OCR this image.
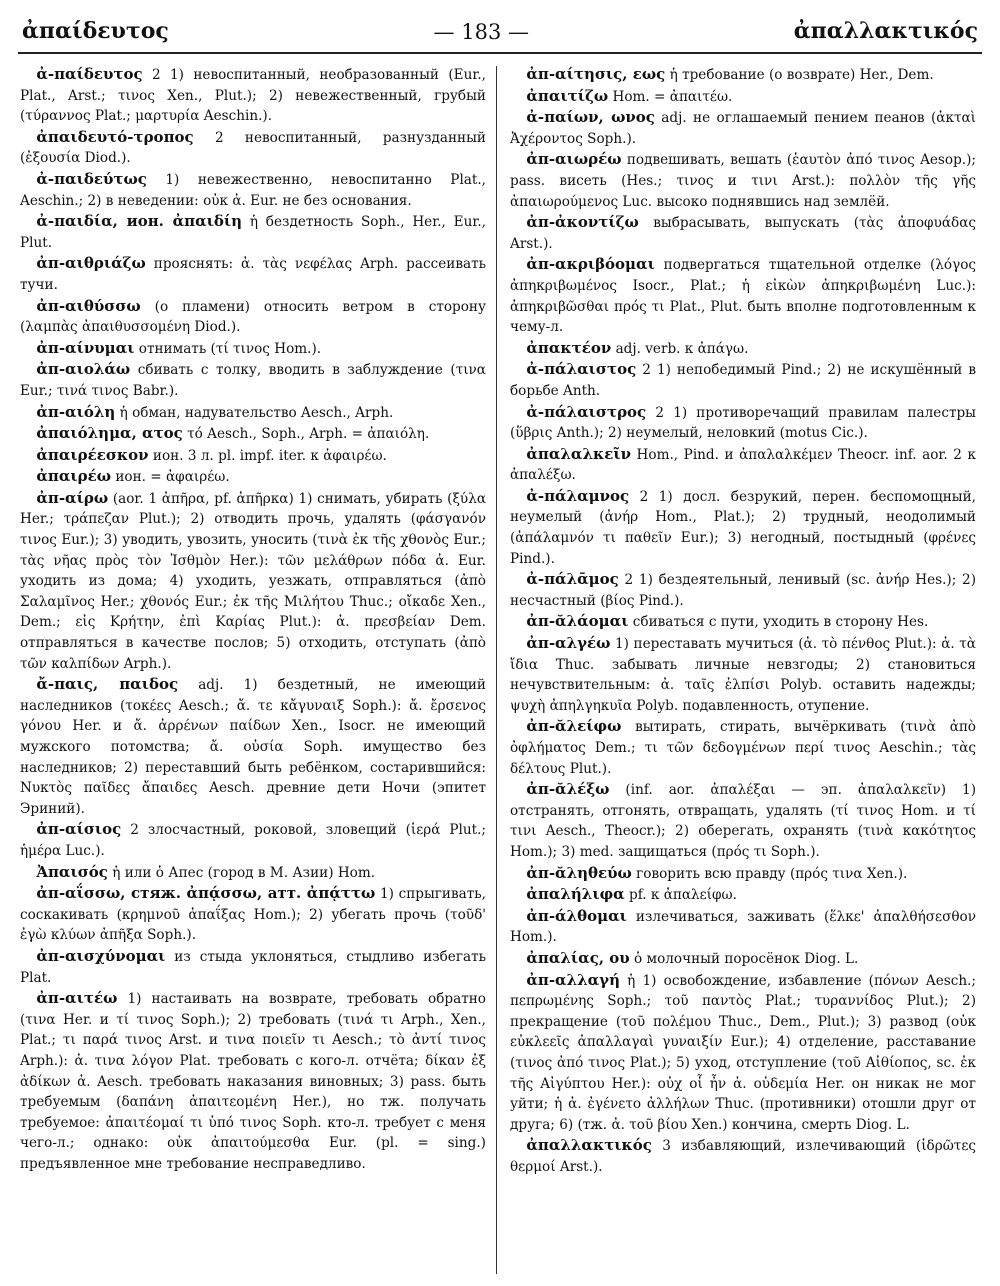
ἀπαίδευτος	— 183 —	ἀπαλλακτικός

ἀ-παίδευτος 2 1) невоспитанный, необразованный (Eur., Plat., Arst.; τινος Xen., Plut.); 2) невежественный, грубый (τύραννος Plat.; μαρτυρία Aeschin.).

ἀπαιδευτό-τροπος 2 невоспитанный, разнузданный (ἐξουσία Diod.).

ἀ-παιδεύτως 1) невежественно, невоспитанно Plat., Aeschin.; 2) в неведении: οὐκ ἀ. Eur. не без основания.

ἀ-παιδία, ион. ἀπαιδίη ἡ бездетность Soph., Her., Eur., Plut.

ἀπ-αιθριάζω прояснять: ἀ. τὰς νεφέλας Arph. рассеивать тучи.

ἀπ-αιθύσσω (о пламени) относить ветром в сторону (λαμπὰς ἀπαιθυσσομένη Diod.).

ἀπ-αίνυμαι отнимать (τί τινος Hom.).

ἀπ-αιολάω сбивать с толку, вводить в заблуждение (τινα Eur.; τινά τινος Babr.).

ἀπ-αιόλη ἡ обман, надувательство Aesch., Arph.

ἀπαιόλημα, ατος τό Aesch., Soph., Arph. = ἀπαιόλη.

ἀπαιρέεσκον ион. 3 л. pl. impf. iter. к ἀφαιρέω.

ἀπαιρέω ион. = ἀφαιρέω.

ἀπ-αίρω (aor. 1 ἀπῆρα, pf. ἀπῆρκα) 1) снимать, убирать (ξύλα Her.; τράπεζαν Plut.); 2) отводить прочь, удалять (φάσγανόν τινος Eur.); 3) уводить, увозить, уносить (τινὰ ἐκ τῆς χθονὸς Eur.; τὰς νῆας πρὸς τὸν Ἰσθμὸν Her.): τῶν μελάθρων πόδα ἀ. Eur. уходить из дома; 4) уходить, уезжать, отправляться (ἀπὸ Σαλαμῖνος Her.; χθονός Eur.; ἐκ τῆς Μιλήτου Thuc.; οἴκαδε Xen., Dem.; εἰς Κρήτην, ἐπὶ Καρίας Plut.): ἀ. πρεσβείαν Dem. отправляться в качестве послов; 5) отходить, отступать (ἀπὸ τῶν καλπίδων Arph.).

ἄ-παις, παιδος adj. 1) бездетный, не имеющий наследников (τοκέες Aesch.; ἄ. τε κἄγυναιξ Soph.): ἄ. ἔρσενος γόνου Her. и ἄ. ἀρρένων παίδων Xen., Isocr. не имеющий мужского потомства; ἄ. οὐσία Soph. имущество без наследников; 2) переставший быть ребёнком, состарившийся: Νυκτὸς παῖδες ἄπαιδες Aesch. древние дети Ночи (эпитет Эриний).

ἀπ-αίσιος 2 злосчастный, роковой, зловещий (ἱερά Plut.; ἡμέρα Luc.).

Ἀπαισός ἡ или ὁ Апес (город в М. Азии) Hom.

ἀπ-αΐσσω, стяж. ἀπᾴσσω, атт. ἀπᾴττω 1) спрыгивать, соскакивать (κρημνοῦ ἀπαΐξας Hom.); 2) убегать прочь (τοῦδ' ἐγὼ κλύων ἀπῆξα Soph.).

ἀπ-αισχύνομαι из стыда уклоняться, стыдливо избегать Plat.

ἀπ-αιτέω 1) настаивать на возврате, требовать обратно (τινα Her. и τί τινος Soph.); 2) требовать (τινά τι Arph., Xen., Plat.; τι παρά τινος Arst. и τινα ποιεῖν τι Aesch.; τὸ ἀντί τινος Arph.): ἀ. τινα λόγον Plat. требовать с кого-л. отчёта; δίκαν ἐξ ἀδίκων ἀ. Aesch. требовать наказания виновных; 3) pass. быть требуемым (δαπάνη ἀπαιτεομένη Her.), но тж. получать требуемое: ἀπαιτέομαί τι ὑπό τινος Soph. кто-л. требует с меня чего-л.; однако: οὐκ ἀπαιτούμεσθα Eur. (pl. = sing.) предъявленное мне требование несправедливо.

ἀπ-αίτησις, εως ἡ требование (о возврате) Her., Dem.

ἀπαιτίζω Hom. = ἀπαιτέω.

ἀ-παίων, ωνος adj. не оглашаемый пением пеанов (ἀκταὶ Ἀχέροντος Soph.).

ἀπ-αιωρέω подвешивать, вешать (ἑαυτὸν ἀπό τινος Aesop.); pass. висеть (Hes.; τινος и τινι Arst.): πολλὸν τῆς γῆς ἀπαιωρούμενος Luc. высоко поднявшись над землёй.

ἀπ-ἀκοντίζω выбрасывать, выпускать (τὰς ἀποφυάδας Arst.).

ἀπ-ακριβόομαι подвергаться тщательной отделке (λόγος ἀπηκριβωμένος Isocr., Plat.; ἡ εἰκὼν ἀπηκριβωμένη Luc.): ἀπηκριβῶσθαι πρός τι Plat., Plut. быть вполне подготовленным к чему-л.

ἀπακτέον adj. verb. к ἀπάγω.

ἀ-πάλαιστος 2 1) непобедимый Pind.; 2) не искушённый в борьбе Anth.

ἀ-πάλαιστρος 2 1) противоречащий правилам палестры (ὕβρις Anth.); 2) неумелый, неловкий (motus Cic.).

ἀπαλαλκεῖν Hom., Pind. и ἀπαλαλκέμεν Theocr. inf. aor. 2 к ἀπαλέξω.

ἀ-πάλαμνος 2 1) досл. безрукий, перен. беспомощный, неумелый (ἀνήρ Hom., Plat.); 2) трудный, неодолимый (ἀπάλαμνόν τι παθεῖν Eur.); 3) негодный, постыдный (φρένες Pind.).

ἀ-πάλᾱμος 2 1) бездеятельный, ленивый (sc. ἀνήρ Hes.); 2) несчастный (βίος Pind.).

ἀπ-ᾰλάομαι сбиваться с пути, уходить в сторону Hes.

ἀπ-αλγέω 1) переставать мучиться (ἀ. τὸ πένθος Plut.): ἀ. τὰ ἴδια Thuc. забывать личные невзгоды; 2) становиться нечувствительным: ἀ. ταῖς ἐλπίσι Polyb. оставить надежды; ψυχὴ ἀπηλγηκυῖα Polyb. подавленность, отупение.

ἀπ-ᾰλείφω вытирать, стирать, вычёркивать (τινὰ ἀπὸ ὀφλήματος Dem.; τι τῶν δεδογμένων περί τινος Aeschin.; τὰς δέλτους Plut.).

ἀπ-ᾰλέξω (inf. aor. ἀπαλέξαι — эп. ἀπαλαλκεῖν) 1) отстранять, отгонять, отвращать, удалять (τί τινος Hom. и τί τινι Aesch., Theocr.); 2) оберегать, охранять (τινὰ κακότητος Hom.); 3) med. защищаться (πρός τι Soph.).

ἀπ-ᾰληθεύω говорить всю правду (πρός τινα Xen.).

ἀπαλήλιφα pf. к ἀπαλείφω.

ἀπ-άλθομαι излечиваться, заживать (ἕλκε' ἀπαλθήσεσθον Hom.).

ἀπαλίας, ου ὁ молочный поросёнок Diog. L.

ἀπ-αλλαγή ἡ 1) освобождение, избавление (πόνων Aesch.; πεπρωμένης Soph.; τοῦ παντὸς Plat.; τυραννίδος Plut.); 2) прекращение (τοῦ πολέμου Thuc., Dem., Plut.); 3) развод (οὐκ εὐκλεεῖς ἀπαλλαγαὶ γυναιξίν Eur.); 4) отделение, расставание (τινος ἀπό τινος Plat.); 5) уход, отступление (τοῦ Αἰθίοπος, sc. ἐκ τῆς Αἰγύπτου Her.): οὐχ οἷ ἦν ἀ. οὐδεμία Her. он никак не мог уйти; ἡ ἀ. ἐγένετο ἀλλήλων Thuc. (противники) отошли друг от друга; 6) (тж. ἀ. τοῦ βίου Xen.) кончина, смерть Diog. L.

ἀπαλλακτικός 3 избавляющий, излечивающий (ἱδρῶτες θερμοί Arst.).
